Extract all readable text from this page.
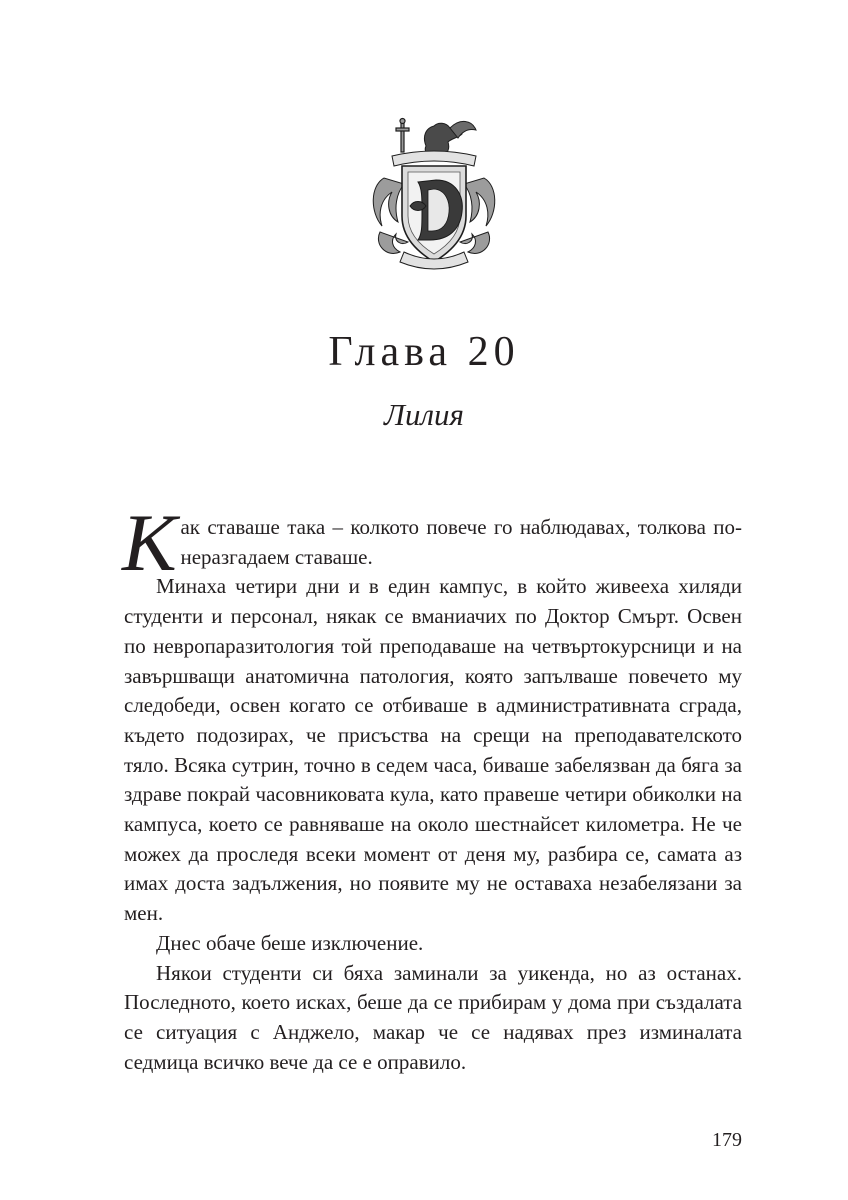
Глава 20
Лилия

Как ставаше така – колкото повече го наблюдавах, толкова по-неразгадаем ставаше.

Минаха четири дни и в един кампус, в който живееха хиляди студенти и персонал, някак се вманиачих по Доктор Смърт. Освен по невропаразитология той преподаваше на четвъртокурсници и на завършващи анатомична патология, която запълваше повечето му следобеди, освен когато се отбиваше в административната сграда, където подозирах, че присъства на срещи на преподавателското тяло. Всяка сутрин, точно в седем часа, биваше забелязван да бяга за здраве покрай часовниковата кула, като правеше четири обиколки на кампуса, което се равняваше на около шестнайсет километра. Не че можех да проследя всеки момент от деня му, разбира се, самата аз имах доста задължения, но появите му не оставаха незабелязани за мен.

Днес обаче беше изключение.

Някои студенти си бяха заминали за уикенда, но аз останах. Последното, което исках, беше да се прибирам у дома при създалата се ситуация с Анджело, макар че се надявах през изминалата седмица всичко вече да се е оправило.

179
